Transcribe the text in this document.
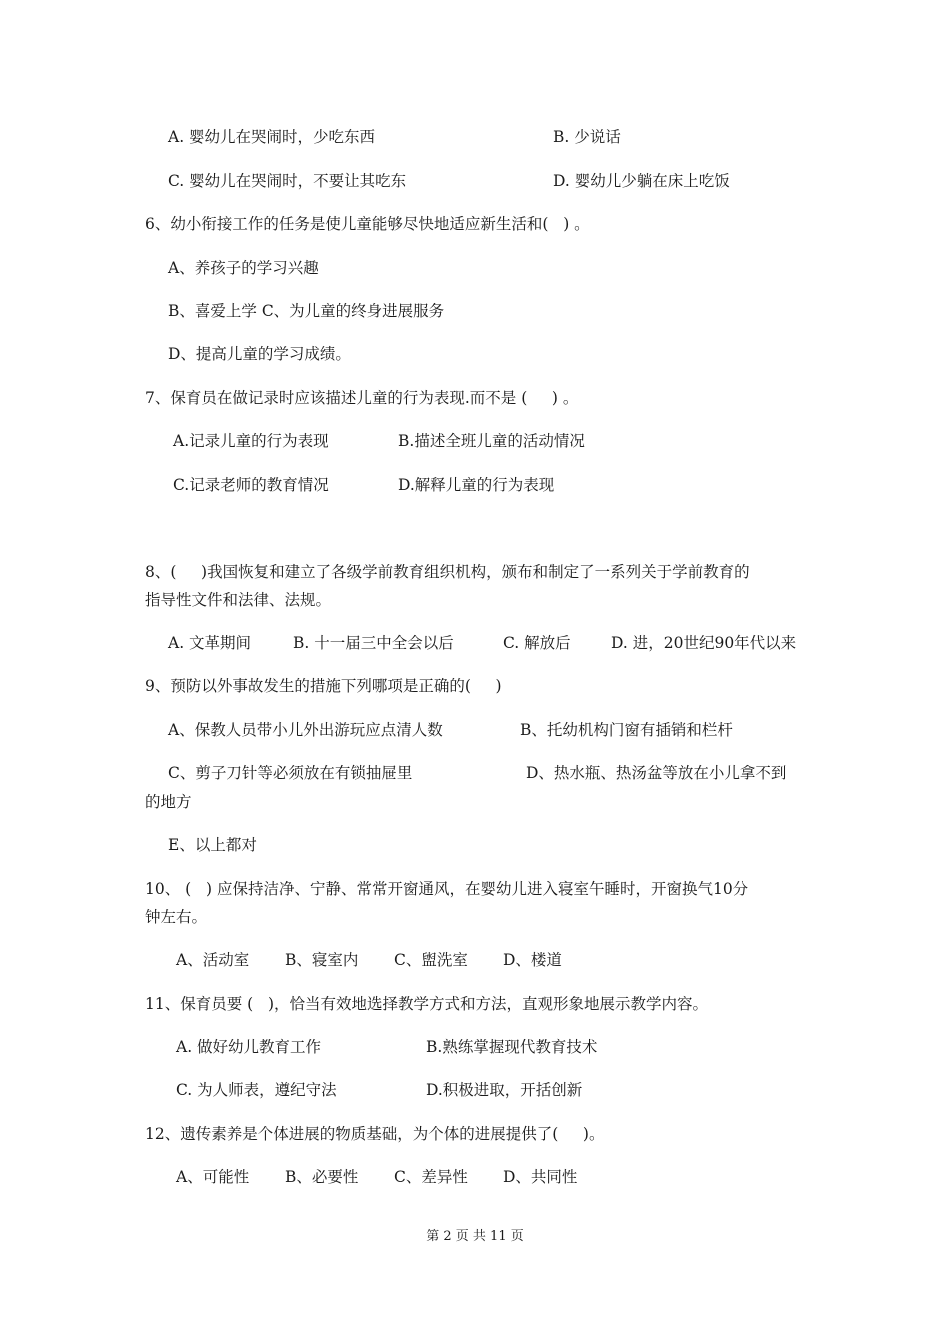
A. 婴幼儿在哭闹时，少吃东西	B. 少说话
C. 婴幼儿在哭闹时，不要让其吃东	D. 婴幼儿少躺在床上吃饭
6、幼小衔接工作的任务是使儿童能够尽快地适应新生活和(   ) 。
A、养孩子的学习兴趣
B、喜爱上学 C、为儿童的终身进展服务
D、提高儿童的学习成绩。
7、保育员在做记录时应该描述儿童的行为表现.而不是 (     ) 。
A.记录儿童的行为表现	B.描述全班儿童的活动情况
C.记录老师的教育情况	D.解释儿童的行为表现
8、(     )我国恢复和建立了各级学前教育组织机构，颁布和制定了一系列关于学前教育的
指导性文件和法律、法规。
A. 文革期间	B. 十一届三中全会以后	C. 解放后	D. 进，20世纪90年代以来
9、预防以外事故发生的措施下列哪项是正确的(     )
A、保教人员带小儿外出游玩应点清人数	B、托幼机构门窗有插销和栏杆
C、剪子刀针等必须放在有锁抽屉里	D、热水瓶、热汤盆等放在小儿拿不到
的地方
E、以上都对
10、 (   ) 应保持洁净、宁静、常常开窗通风，在婴幼儿进入寝室午睡时，开窗换气10分
钟左右。
A、活动室 B、寝室内 C、盥洗室 D、楼道
11、保育员要 (   )，恰当有效地选择教学方式和方法，直观形象地展示教学内容。
A. 做好幼儿教育工作	B.熟练掌握现代教育技术
C. 为人师表，遵纪守法	D.积极进取，开括创新
12、遗传素养是个体进展的物质基础，为个体的进展提供了(     )。
A、可能性 B、必要性 C、差异性 D、共同性
第 2 页 共 11 页
